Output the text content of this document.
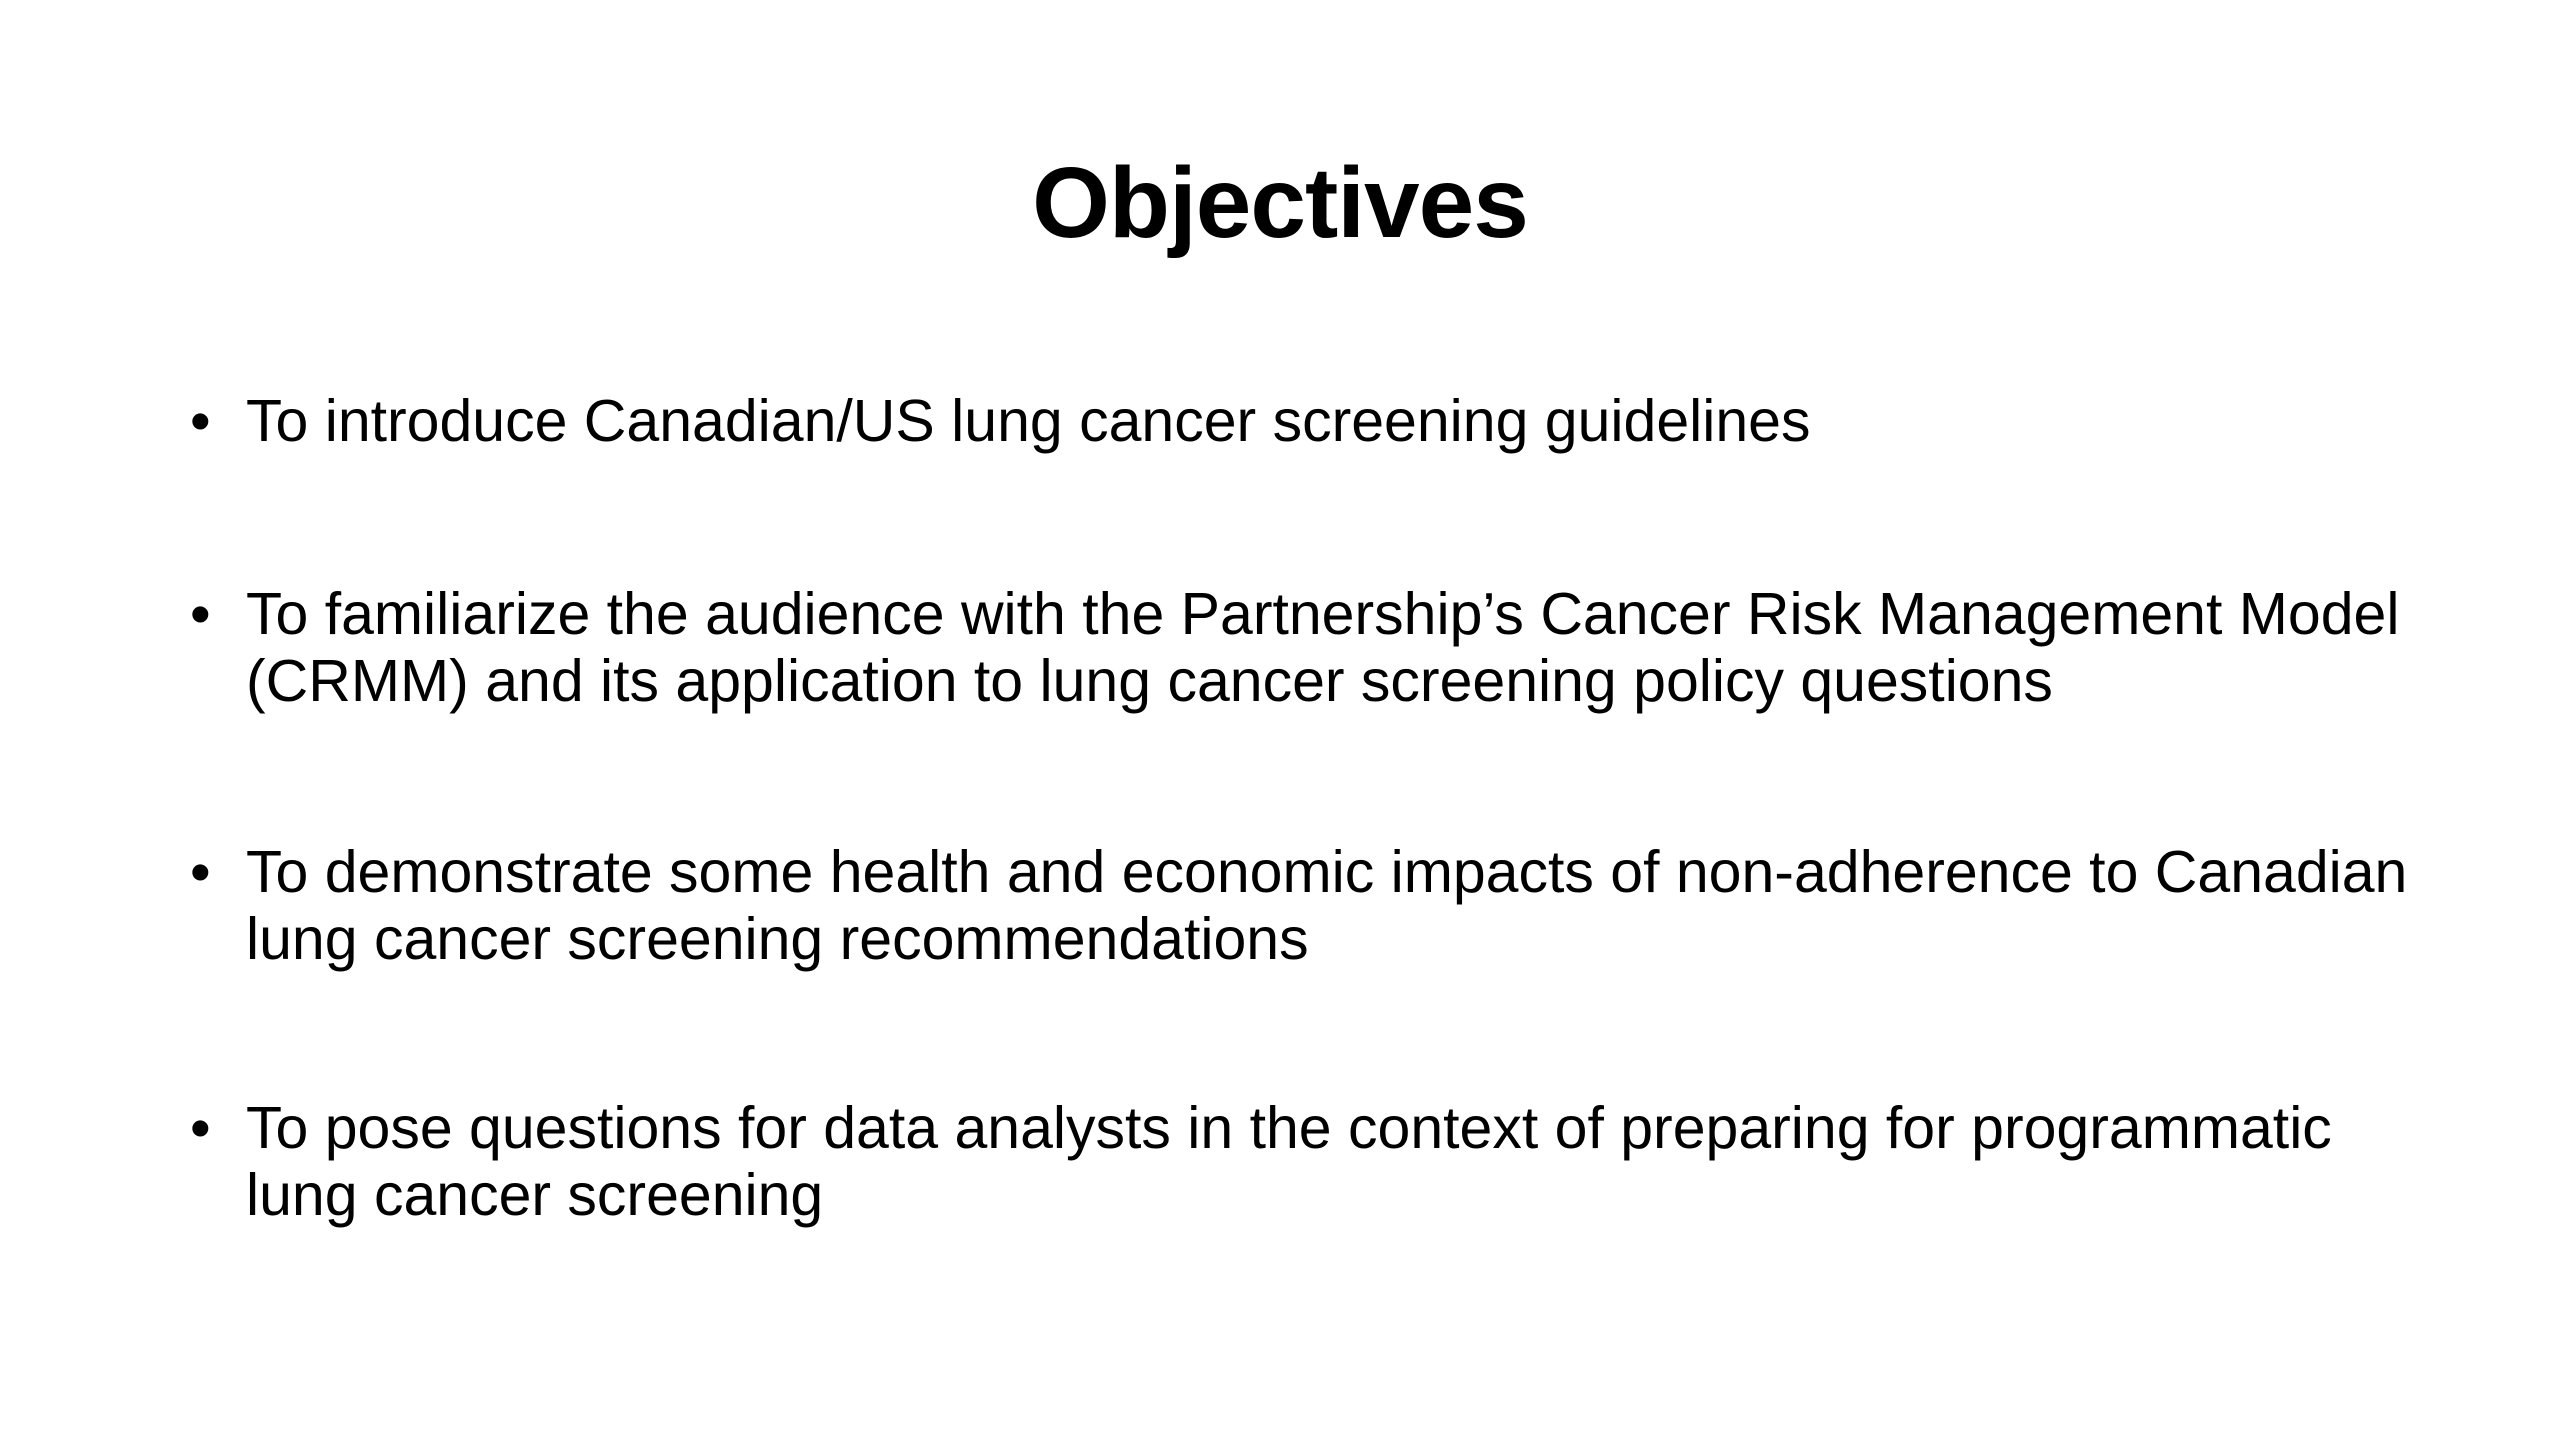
Objectives
• To introduce Canadian/US lung cancer screening guidelines
• To familiarize the audience with the Partnership’s Cancer Risk Management Model (CRMM) and its application to lung cancer screening policy questions
• To demonstrate some health and economic impacts of non-adherence to Canadian lung cancer screening recommendations
• To pose questions for data analysts in the context of preparing for programmatic lung cancer screening
